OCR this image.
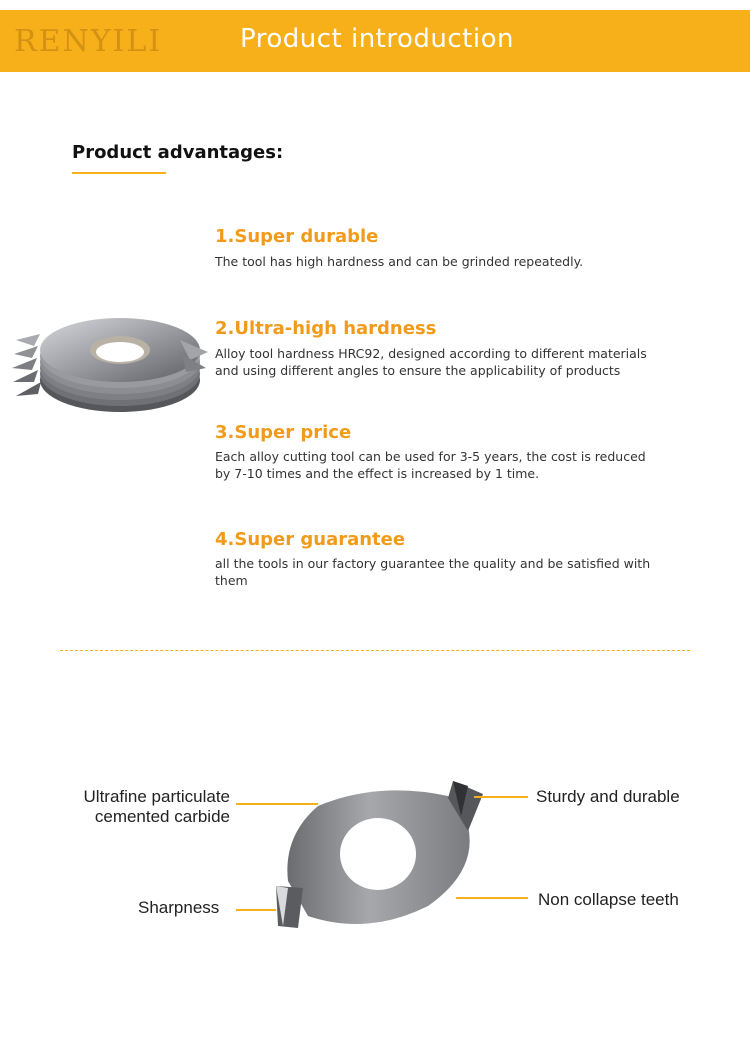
RENYILI	Product introduction
Product advantages:
1.Super durable
The tool has high hardness and can be grinded repeatedly.
2.Ultra-high hardness
Alloy tool hardness HRC92, designed according to different materials and using different angles to ensure the applicability of products
3.Super price
Each alloy cutting tool can be used for 3-5 years, the cost is reduced by 7-10 times and the effect is increased by 1 time.
4.Super guarantee
all the tools in our factory guarantee the quality and be satisfied with them
Ultrafine particulate
cemented carbide
Sharpness
Sturdy and durable
Non collapse teeth
